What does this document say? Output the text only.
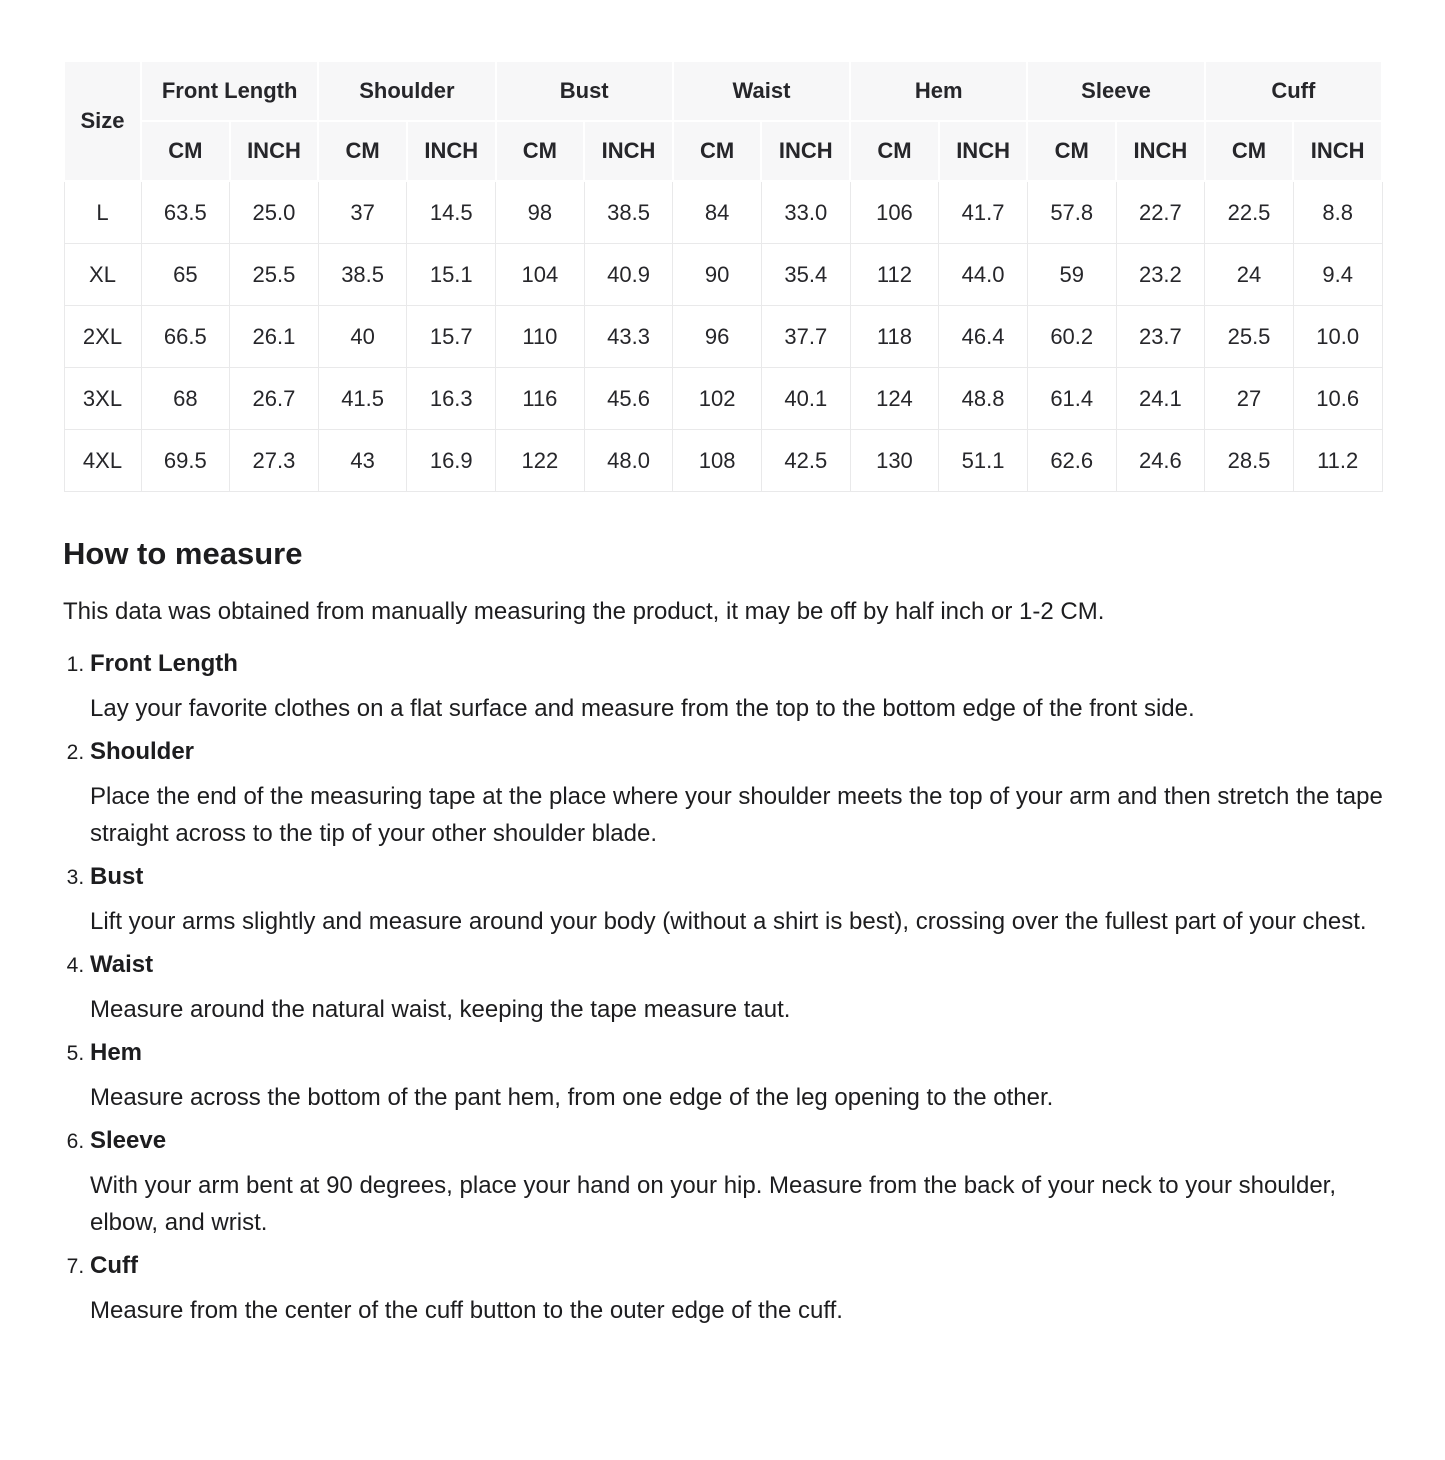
Size	Front Length		Shoulder		Bust		Waist		Hem		Sleeve		Cuff	
	CM	INCH	CM	INCH	CM	INCH	CM	INCH	CM	INCH	CM	INCH	CM	INCH
L	63.5	25.0	37	14.5	98	38.5	84	33.0	106	41.7	57.8	22.7	22.5	8.8
XL	65	25.5	38.5	15.1	104	40.9	90	35.4	112	44.0	59	23.2	24	9.4
2XL	66.5	26.1	40	15.7	110	43.3	96	37.7	118	46.4	60.2	23.7	25.5	10.0
3XL	68	26.7	41.5	16.3	116	45.6	102	40.1	124	48.8	61.4	24.1	27	10.6
4XL	69.5	27.3	43	16.9	122	48.0	108	42.5	130	51.1	62.6	24.6	28.5	11.2
How to measure

This data was obtained from manually measuring the product, it may be off by half inch or 1-2 CM.

1. Front Length

Lay your favorite clothes on a flat surface and measure from the top to the bottom edge of the front side.

2. Shoulder

Place the end of the measuring tape at the place where your shoulder meets the top of your arm and then stretch the tape straight across to the tip of your other shoulder blade.

3. Bust

Lift your arms slightly and measure around your body (without a shirt is best), crossing over the fullest part of your chest.

4. Waist

Measure around the natural waist, keeping the tape measure taut.

5. Hem

Measure across the bottom of the pant hem, from one edge of the leg opening to the other.

6. Sleeve

With your arm bent at 90 degrees, place your hand on your hip. Measure from the back of your neck to your shoulder, elbow, and wrist.

7. Cuff

Measure from the center of the cuff button to the outer edge of the cuff.
